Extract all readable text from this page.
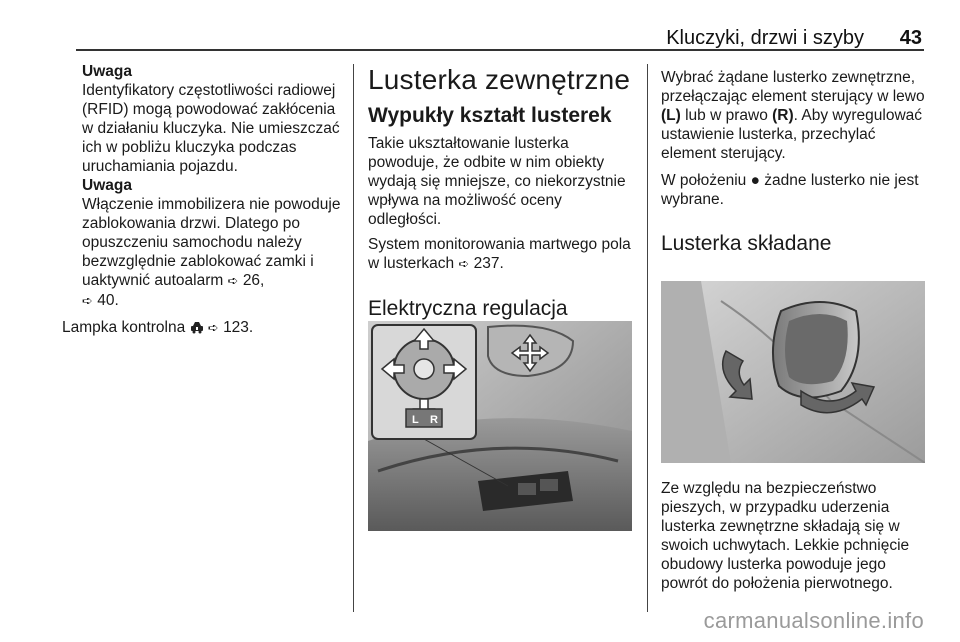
Kluczyki, drzwi i szyby 43

Uwaga

Identyfikatory częstotliwości radiowej (RFID) mogą powodować zakłócenia w działaniu kluczyka. Nie umieszczać ich w pobliżu kluczyka podczas uruchamiania pojazdu.

Uwaga

Włączenie immobilizera nie powoduje zablokowania drzwi. Dlatego po opuszczeniu samochodu należy bezwzględnie zablokować zamki i uaktywnić autoalarm ➪ 26,
➪ 40.

Lampka kontrolna  ➪ 123.

Lusterka zewnętrzne
Wypukły kształt lusterek

Takie ukształtowanie lusterka powoduje, że odbite w nim obiekty wydają się mniejsze, co niekorzystnie wpływa na możliwość oceny odległości.

System monitorowania martwego pola w lusterkach ➪ 237.

Elektryczna regulacja
L R

Wybrać żądane lusterko zewnętrzne, przełączając element sterujący w lewo (L) lub w prawo (R). Aby wyregulować ustawienie lusterka, przechylać element sterujący.

W położeniu ● żadne lusterko nie jest wybrane.

Lusterka składane

Ze względu na bezpieczeństwo pieszych, w przypadku uderzenia lusterka zewnętrzne składają się w swoich uchwytach. Lekkie pchnięcie obudowy lusterka powoduje jego powrót do położenia pierwotnego.

carmanualsonline.info
